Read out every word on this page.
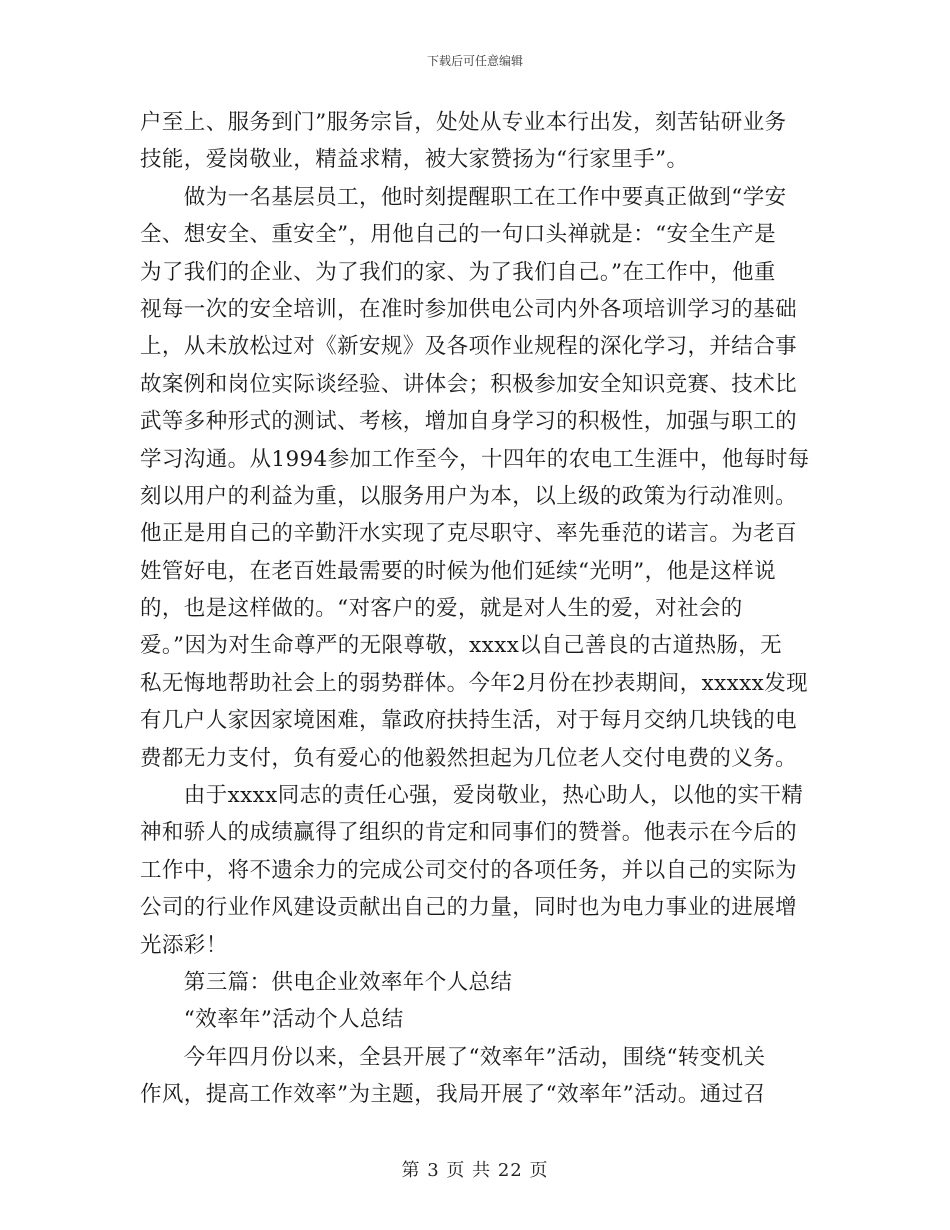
下载后可任意编辑
户至上、服务到门”服务宗旨，处处从专业本行出发，刻苦钻研业务
技能，爱岗敬业，精益求精，被大家赞扬为“行家里手”。
　　做为一名基层员工，他时刻提醒职工在工作中要真正做到“学安
全、想安全、重安全”，用他自己的一句口头禅就是：“安全生产是
为了我们的企业、为了我们的家、为了我们自己。”在工作中，他重
视每一次的安全培训，在准时参加供电公司内外各项培训学习的基础
上，从未放松过对《新安规》及各项作业规程的深化学习，并结合事
故案例和岗位实际谈经验、讲体会；积极参加安全知识竞赛、技术比
武等多种形式的测试、考核，增加自身学习的积极性，加强与职工的
学习沟通。从1994参加工作至今，十四年的农电工生涯中，他每时每
刻以用户的利益为重，以服务用户为本，以上级的政策为行动准则。
他正是用自己的辛勤汗水实现了克尽职守、率先垂范的诺言。为老百
姓管好电，在老百姓最需要的时候为他们延续“光明”，他是这样说
的，也是这样做的。“对客户的爱，就是对人生的爱，对社会的
爱。”因为对生命尊严的无限尊敬，xxxx以自己善良的古道热肠，无
私无悔地帮助社会上的弱势群体。今年2月份在抄表期间，xxxxx发现
有几户人家因家境困难，靠政府扶持生活，对于每月交纳几块钱的电
费都无力支付，负有爱心的他毅然担起为几位老人交付电费的义务。
　　由于xxxx同志的责任心强，爱岗敬业，热心助人，以他的实干精
神和骄人的成绩赢得了组织的肯定和同事们的赞誉。他表示在今后的
工作中，将不遗余力的完成公司交付的各项任务，并以自己的实际为
公司的行业作风建设贡献出自己的力量，同时也为电力事业的进展增
光添彩！
　　第三篇：供电企业效率年个人总结
　　“效率年”活动个人总结
　　今年四月份以来，全县开展了“效率年”活动，围绕“转变机关
作风，提高工作效率”为主题，我局开展了“效率年”活动。通过召
第 3 页 共 22 页
